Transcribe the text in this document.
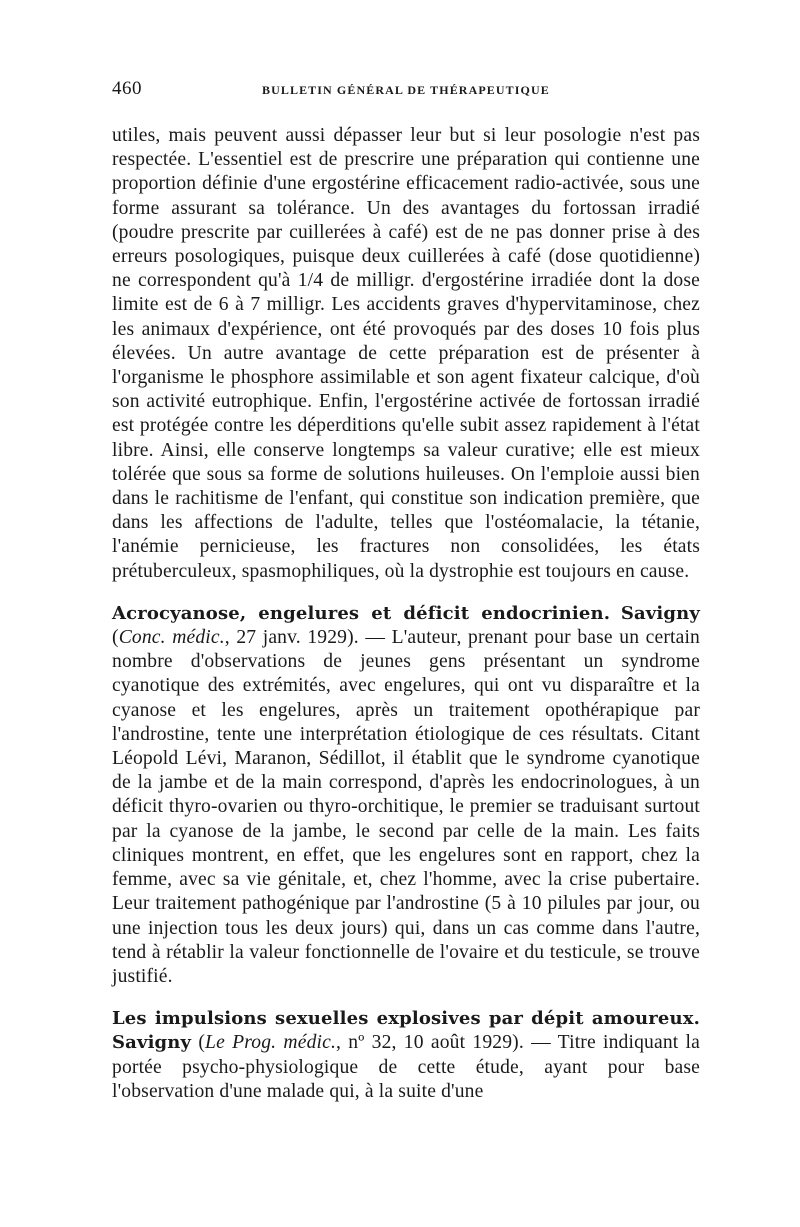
460	BULLETIN GÉNÉRAL DE THÉRAPEUTIQUE

utiles, mais peuvent aussi dépasser leur but si leur posologie n'est pas respectée. L'essentiel est de prescrire une préparation qui contienne une proportion définie d'une ergostérine efficacement radio-activée, sous une forme assurant sa tolérance. Un des avantages du fortossan irradié (poudre prescrite par cuillerées à café) est de ne pas donner prise à des erreurs posologiques, puisque deux cuillerées à café (dose quotidienne) ne correspondent qu'à 1/4 de milligr. d'ergostérine irradiée dont la dose limite est de 6 à 7 milligr. Les accidents graves d'hypervitaminose, chez les animaux d'expérience, ont été provoqués par des doses 10 fois plus élevées. Un autre avantage de cette préparation est de présenter à l'organisme le phosphore assimilable et son agent fixateur calcique, d'où son activité eutrophique. Enfin, l'ergostérine activée de fortossan irradié est protégée contre les déperditions qu'elle subit assez rapidement à l'état libre. Ainsi, elle conserve longtemps sa valeur curative; elle est mieux tolérée que sous sa forme de solutions huileuses. On l'emploie aussi bien dans le rachitisme de l'enfant, qui constitue son indication première, que dans les affections de l'adulte, telles que l'ostéomalacie, la tétanie, l'anémie pernicieuse, les fractures non consolidées, les états prétuberculeux, spasmophiliques, où la dystrophie est toujours en cause.

Acrocyanose, engelures et déficit endocrinien. Savigny (Conc. médic., 27 janv. 1929). — L'auteur, prenant pour base un certain nombre d'observations de jeunes gens présentant un syndrome cyanotique des extrémités, avec engelures, qui ont vu disparaître et la cyanose et les engelures, après un traitement opothérapique par l'androstine, tente une interprétation étiologique de ces résultats. Citant Léopold Lévi, Maranon, Sédillot, il établit que le syndrome cyanotique de la jambe et de la main correspond, d'après les endocrinologues, à un déficit thyro-ovarien ou thyro-orchitique, le premier se traduisant surtout par la cyanose de la jambe, le second par celle de la main. Les faits cliniques montrent, en effet, que les engelures sont en rapport, chez la femme, avec sa vie génitale, et, chez l'homme, avec la crise pubertaire. Leur traitement pathogénique par l'androstine (5 à 10 pilules par jour, ou une injection tous les deux jours) qui, dans un cas comme dans l'autre, tend à rétablir la valeur fonctionnelle de l'ovaire et du testicule, se trouve justifié.

Les impulsions sexuelles explosives par dépit amoureux. Savigny (Le Prog. médic., nº 32, 10 août 1929). — Titre indiquant la portée psycho-physiologique de cette étude, ayant pour base l'observation d'une malade qui, à la suite d'une
